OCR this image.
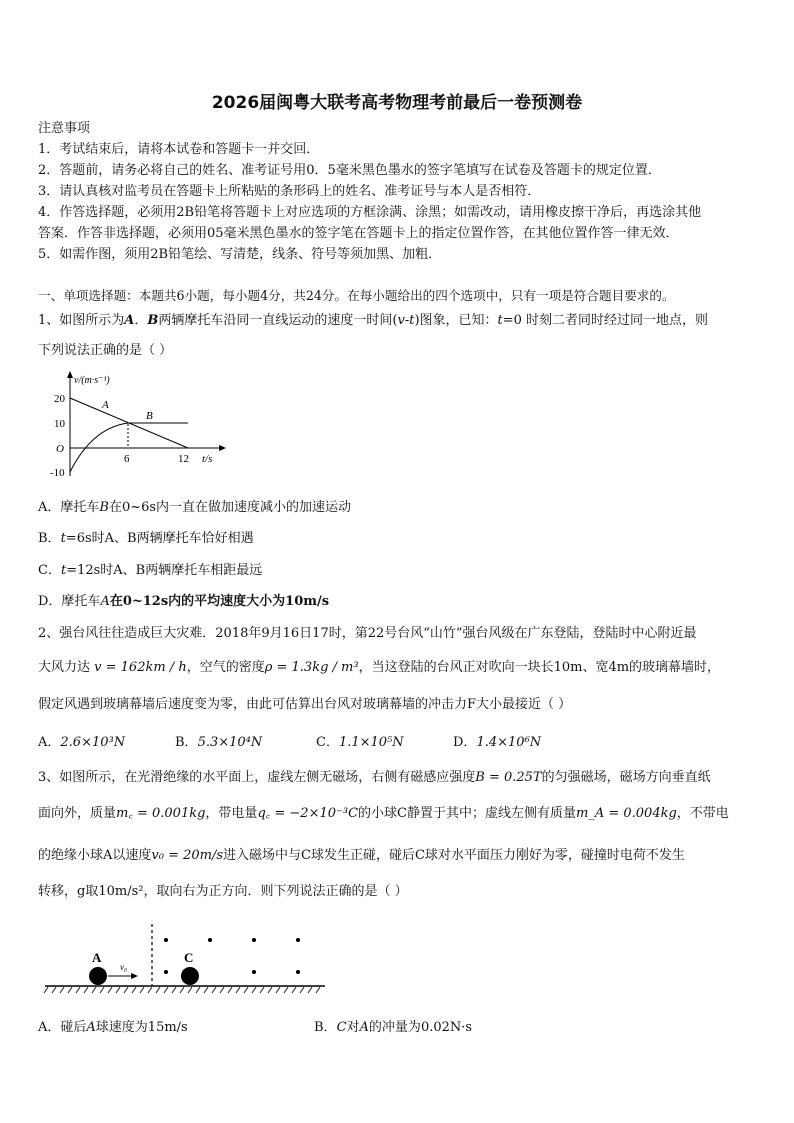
2026届闽粤大联考高考物理考前最后一卷预测卷
注意事项
1．考试结束后，请将本试卷和答题卡一并交回．
2．答题前，请务必将自己的姓名、准考证号用0．5毫米黑色墨水的签字笔填写在试卷及答题卡的规定位置．
3．请认真核对监考员在答题卡上所粘贴的条形码上的姓名、准考证号与本人是否相符．
4．作答选择题，必须用2B铅笔将答题卡上对应选项的方框涂满、涂黑；如需改动，请用橡皮擦干净后，再选涂其他
答案．作答非选择题，必须用05毫米黑色墨水的签字笔在答题卡上的指定位置作答，在其他位置作答一律无效．
5．如需作图，须用2B铅笔绘、写清楚，线条、符号等须加黑、加粗．
一、单项选择题：本题共6小题，每小题4分，共24分。在每小题给出的四个选项中，只有一项是符合题目要求的。
1、如图所示为A．B两辆摩托车沿同一直线运动的速度一时间(v-t)图象，已知：t=0 时刻二者同时经过同一地点，则
下列说法正确的是（ ）
v/(m·s⁻¹)
20
10
O
-10
6	12 t/s
A
B
A．摩托车B在0~6s内一直在做加速度减小的加速运动
B．t=6s时A、B两辆摩托车恰好相遇
C．t=12s时A、B两辆摩托车相距最远
D．摩托车A在0~12s内的平均速度大小为10m/s
2、强台风往往造成巨大灾难．2018年9月16日17时，第22号台风“山竹”强台风级在广东登陆，登陆时中心附近最
大风力达 v = 162km / h，空气的密度ρ = 1.3kg / m³，当这登陆的台风正对吹向一块长10m、宽4m的玻璃幕墙时，
假定风遇到玻璃幕墙后速度变为零，由此可估算出台风对玻璃幕墙的冲击力F大小最接近（ ）
A．2.6×10³N	B．5.3×10⁴N	C．1.1×10⁵N	D．1.4×10⁶N
3、如图所示，在光滑绝缘的水平面上，虚线左侧无磁场，右侧有磁感应强度B = 0.25T的匀强磁场，磁场方向垂直纸
面向外，质量m꜀ = 0.001kg，带电量q꜀ = −2×10⁻³C的小球C静置于其中；虚线左侧有质量m_A = 0.004kg，不带电
的绝缘小球A以速度v₀ = 20m/s进入磁场中与C球发生正碰，碰后C球对水平面压力刚好为零，碰撞时电荷不发生
转移，g取10m/s²，取向右为正方向．则下列说法正确的是（ ）
A	C
v₀
A．碰后A球速度为15m/s	B．C对A的冲量为0.02N·s
